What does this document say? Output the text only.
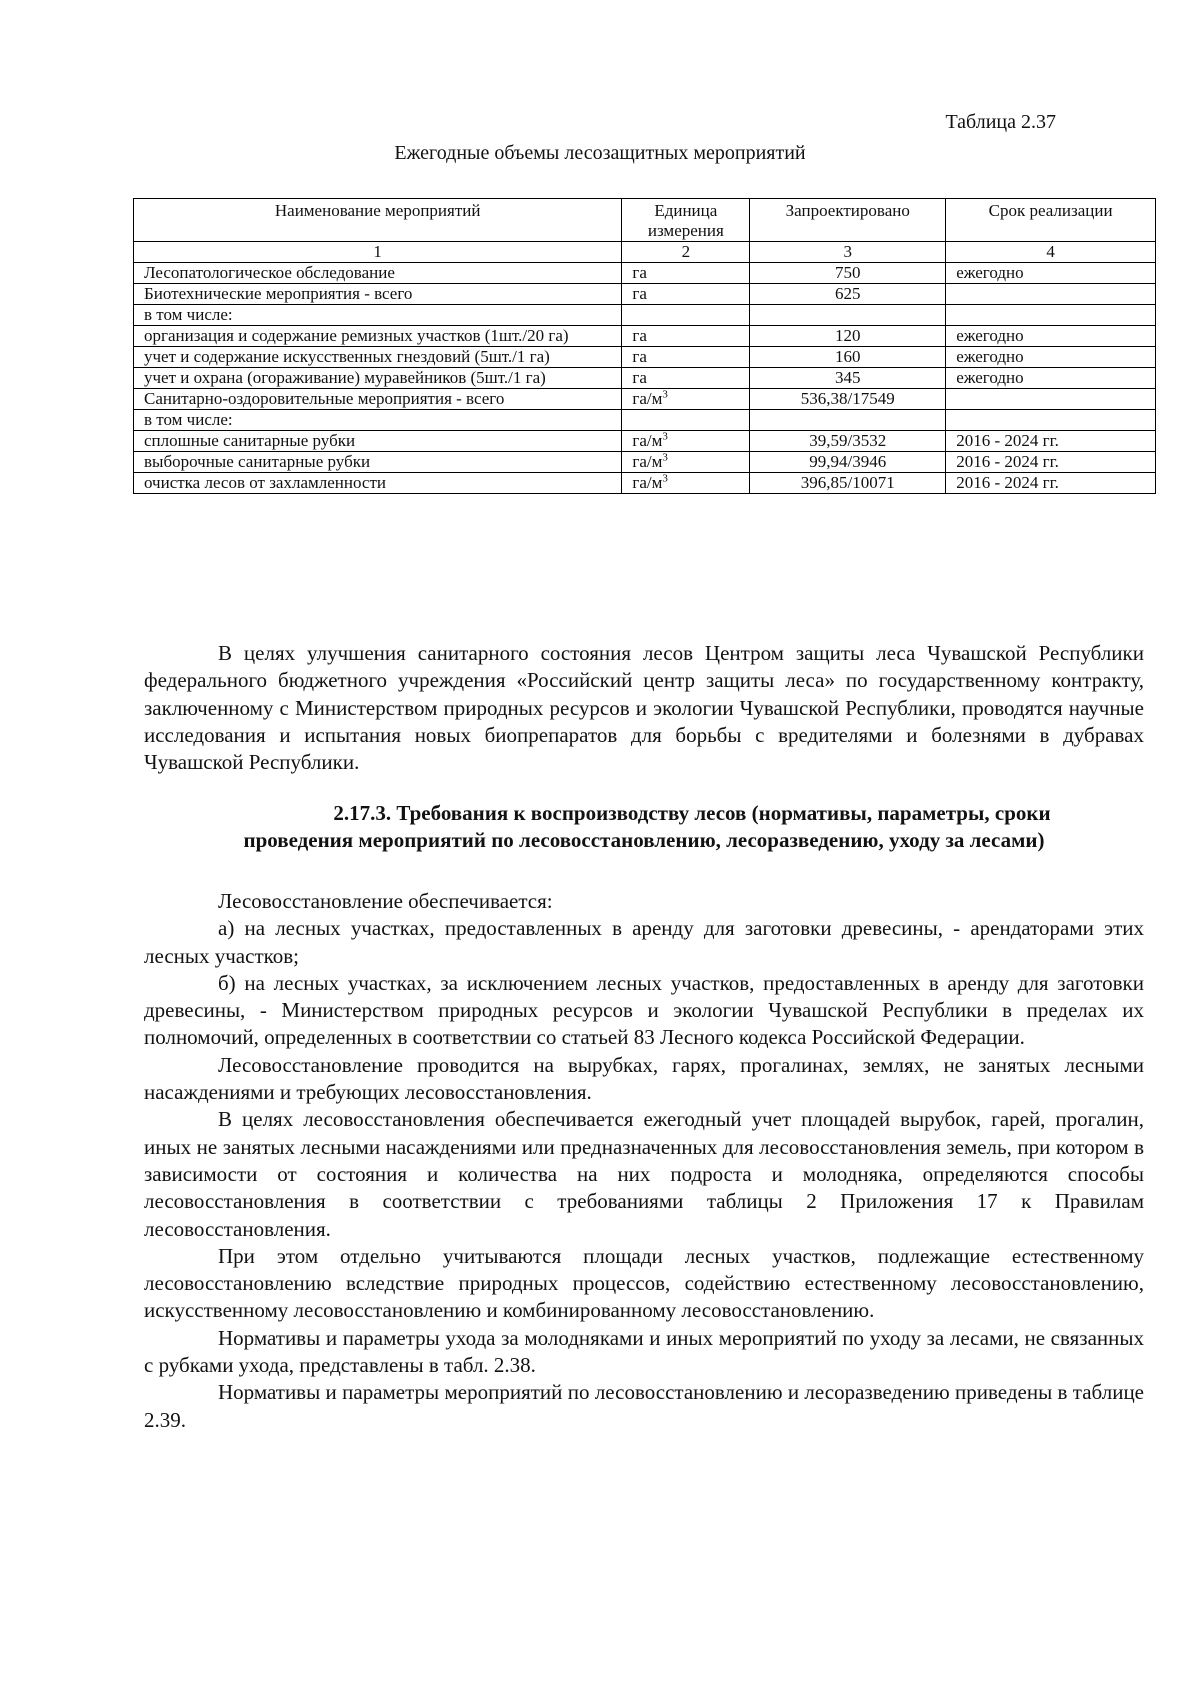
Таблица 2.37
Ежегодные объемы лесозащитных мероприятий
Наименование мероприятий	Единица измерения	Запроектировано	Срок реализации
1	2	3	4
Лесопатологическое обследование	га	750	ежегодно
Биотехнические мероприятия - всего	га	625	
в том числе:			
организация и содержание ремизных участков (1шт./20 га)	га	120	ежегодно
учет и содержание искусственных гнездовий (5шт./1 га)	га	160	ежегодно
учет и охрана (огораживание) муравейников (5шт./1 га)	га	345	ежегодно
Санитарно-оздоровительные мероприятия - всего	$га/м^3$	536,38/17549	
в том числе:			
сплошные санитарные рубки	$га/м^3$	39,59/3532	2016 - 2024 гг.
выборочные санитарные рубки	$га/м^3$	99,94/3946	2016 - 2024 гг.
очистка лесов от захламленности	$га/м^3$	396,85/10071	2016 - 2024 гг.

В целях улучшения санитарного состояния лесов Центром защиты леса Чувашской Республики федерального бюджетного учреждения «Российский центр защиты леса» по государственному контракту, заключенному с Министерством природных ресурсов и экологии Чувашской Республики, проводятся научные исследования и испытания новых биопрепаратов для борьбы с вредителями и болезнями в дубравах Чувашской Республики.

2.17.3. Требования к воспроизводству лесов (нормативы, параметры, сроки
проведения мероприятий по лесовосстановлению, лесоразведению, уходу за лесами)

Лесовосстановление обеспечивается:

а) на лесных участках, предоставленных в аренду для заготовки древесины, - арендаторами этих лесных участков;

б) на лесных участках, за исключением лесных участков, предоставленных в аренду для заготовки древесины, - Министерством природных ресурсов и экологии Чувашской Республики в пределах их полномочий, определенных в соответствии со статьей 83 Лесного кодекса Российской Федерации.

Лесовосстановление проводится на вырубках, гарях, прогалинах, землях, не занятых лесными насаждениями и требующих лесовосстановления.

В целях лесовосстановления обеспечивается ежегодный учет площадей вырубок, гарей, прогалин, иных не занятых лесными насаждениями или предназначенных для лесовосстановления земель, при котором в зависимости от состояния и количества на них подроста и молодняка, определяются способы лесовосстановления в соответствии с требованиями таблицы 2 Приложения 17 к Правилам лесовосстановления.

При этом отдельно учитываются площади лесных участков, подлежащие естественному лесовосстановлению вследствие природных процессов, содействию естественному лесовосстановлению, искусственному лесовосстановлению и комбинированному лесовосстановлению.

Нормативы и параметры ухода за молодняками и иных мероприятий по уходу за лесами, не связанных с рубками ухода, представлены в табл. 2.38.

Нормативы и параметры мероприятий по лесовосстановлению и лесоразведению приведены в таблице 2.39.
